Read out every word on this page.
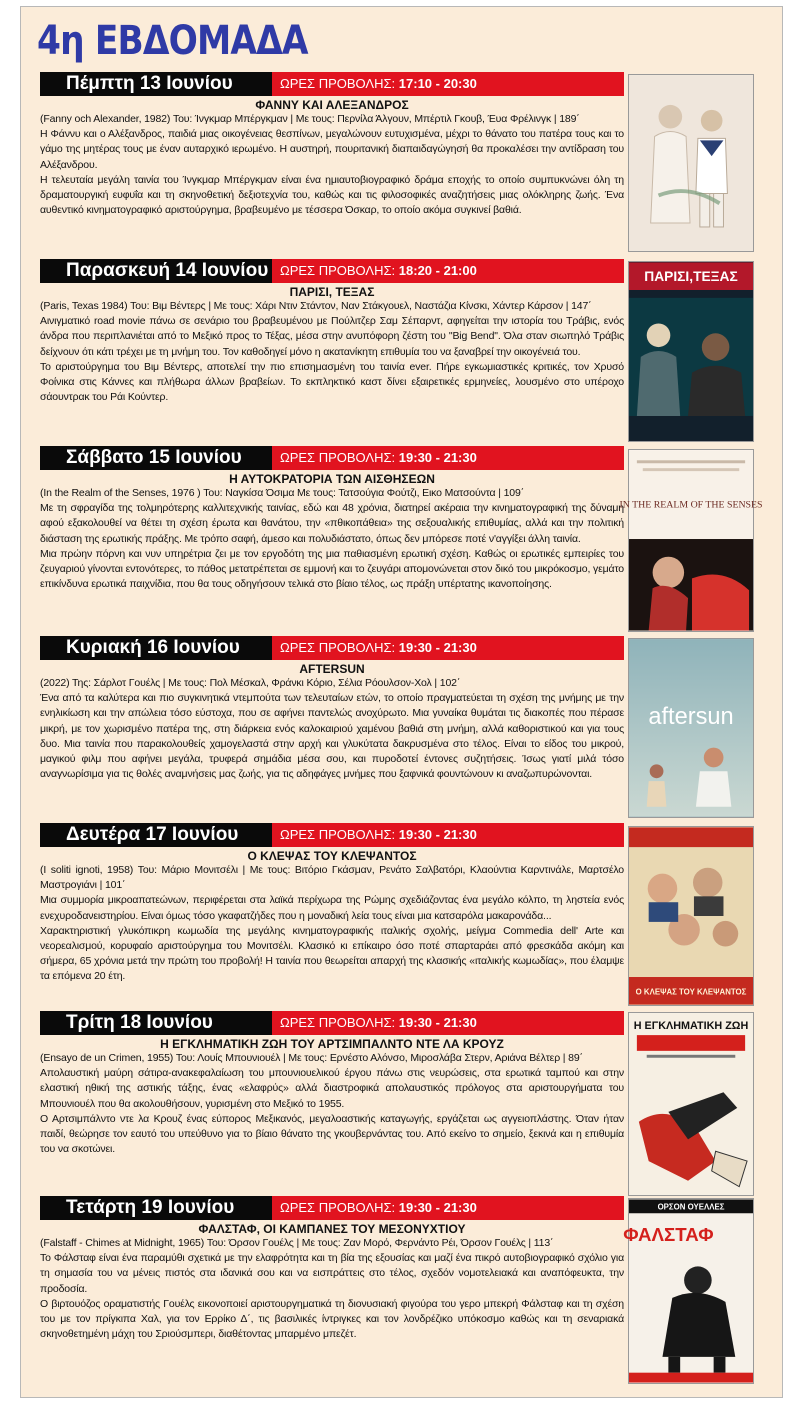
4η ΕΒΔΟΜΑΔΑ
Πέμπτη 13 Ιουνίου	ΩΡΕΣ ΠΡΟΒΟΛΗΣ: 17:10 - 20:30

ΦΑΝΝΥ ΚΑΙ ΑΛΕΞΑΝΔΡΟΣ

(Fanny och Alexander, 1982) Του: Ίνγκμαρ Μπέργκμαν | Με τους: Περνίλα Άλγουν, Μπέρτιλ Γκουβ, Έυα Φρέλινγκ | 189΄

Η Φάννυ και ο Αλέξανδρος, παιδιά μιας οικογένειας θεσπίνων, μεγαλώνουν ευτυχισμένα, μέχρι το θάνατο του πατέρα τους και το γάμο της μητέρας τους με έναν αυταρχικό ιερωμένο. Η αυστηρή, πουριτανική διαπαιδαγώγησή θα προκαλέσει την αντίδραση του Αλέξανδρου.

Η τελευταία μεγάλη ταινία του Ίνγκμαρ Μπέργκμαν είναι ένα ημιαυτοβιογραφικό δράμα εποχής το οποίο συμπυκνώνει όλη τη δραματουργική ευφυΐα και τη σκηνοθετική δεξιοτεχνία του, καθώς και τις φιλοσοφικές αναζητήσεις μιας ολόκληρης ζωής. Ένα αυθεντικό κινηματογραφικό αριστούργημα, βραβευμένο με τέσσερα Όσκαρ, το οποίο ακόμα συγκινεί βαθιά.

Παρασκευή 14 Ιουνίου ΩΡΕΣ ΠΡΟΒΟΛΗΣ: 18:20 - 21:00

ΠΑΡΙΣΙ, ΤΕΞΑΣ

(Paris, Texas 1984) Του: Βιμ Βέντερς | Με τους: Χάρι Ντιν Στάντον, Ναν Στάκγουελ, Ναστάζια Κίνσκι, Χάντερ Κάρσον | 147΄

Αινιγματικό road movie πάνω σε σενάριο του βραβευμένου με Πούλιτζερ Σαμ Σέπαρντ, αφηγείται την ιστορία του Τράβις, ενός άνδρα που περιπλανιέται από το Μεξικό προς το Τέξας, μέσα στην ανυπόφορη ζέστη του "Big Bend". Όλα σταν σιωπηλό Τράβις δείχνουν ότι κάτι τρέχει με τη μνήμη του. Τον καθοδηγεί μόνο η ακατανίκητη επιθυμία του να ξαναβρεί την οικογένειά του.

Το αριστούργημα του Βιμ Βέντερς, αποτελεί την πιο επισημασμένη του ταινία ever. Πήρε εγκωμιαστικές κριτικές, τον Χρυσό Φοίνικα στις Κάννες και πλήθωρα άλλων βραβείων. Το εκπληκτικό καστ δίνει εξαιρετικές ερμηνείες, λουσμένο στο υπέροχο σάουντρακ του Ράι Κούντερ.

Σάββατο 15 Ιουνίου	ΩΡΕΣ ΠΡΟΒΟΛΗΣ: 19:30 - 21:30

Η ΑΥΤΟΚΡΑΤΟΡΙΑ ΤΩΝ ΑΙΣΘΗΣΕΩΝ

(In the Realm of the Senses, 1976 ) Του: Ναγκίσα Όσιμα Με τους: Τατσούγια Φούτζι, Εικο Ματσούντα | 109΄

Με τη σφραγίδα της τολμηρότερης καλλιτεχνικής ταινίας, εδώ και 48 χρόνια, διατηρεί ακέραια την κινηματογραφική της δύναμη αφού εξακολουθεί να θέτει τη σχέση έρωτα και θανάτου, την «πθικοπάθεια» της σεξουαλικής επιθυμίας, αλλά και την πολιτική διάσταση της ερωτικής πράξης. Με τρόπο σαφή, άμεσο και πολυδιάστατο, όπως δεν μπόρεσε ποτέ ν'αγγίξει άλλη ταινία.

Μια πρώην πόρνη και νυν υπηρέτρια ζει με τον εργοδότη της μια παθιασμένη ερωτική σχέση. Καθώς οι ερωτικές εμπειρίες του ζευγαριού γίνονται εντονότερες, το πάθος μετατρέπεται σε εμμονή και το ζευγάρι απομονώνεται στον δικό του μικρόκοσμο, γεμάτο επικίνδυνα ερωτικά παιχνίδια, που θα τους οδηγήσουν τελικά στο βίαιο τέλος, ως πράξη υπέρτατης ικανοποίησης.

Κυριακή 16 Ιουνίου	ΩΡΕΣ ΠΡΟΒΟΛΗΣ: 19:30 - 21:30

AFTERSUN

(2022) Της: Σάρλοτ Γουέλς | Με τους: Πολ Μέσκαλ, Φράνκι Κόριο, Σέλια Ρόουλσον-Χολ | 102΄

Ένα από τα καλύτερα και πιο συγκινητικά ντεμπούτα των τελευταίων ετών, το οποίο πραγματεύεται τη σχέση της μνήμης με την ενηλικίωση και την απώλεια τόσο εύστοχα, που σε αφήνει παντελώς ανοχύρωτο. Μια γυναίκα θυμάται τις διακοπές που πέρασε μικρή, με τον χωρισμένο πατέρα της, στη διάρκεια ενός καλοκαιριού χαμένου βαθιά στη μνήμη, αλλά καθοριστικού και για τους δυο. Μια ταινία που παρακολουθείς χαμογελαστά στην αρχή και γλυκύτατα δακρυσμένα στο τέλος. Είναι το είδος του μικρού, μαγικού φιλμ που αφήνει μεγάλα, τρυφερά σημάδια μέσα σου, και πυροδοτεί έντονες συζητήσεις. Ίσως γιατί μιλά τόσο αναγνωρίσιμα για τις θολές αναμνήσεις μας ζωής, για τις αδηφάγες μνήμες που ξαφνικά φουντώνουν κι αναζωπυρώνονται.

Δευτέρα 17 Ιουνίου	ΩΡΕΣ ΠΡΟΒΟΛΗΣ: 19:30 - 21:30

Ο ΚΛΕΨΑΣ ΤΟΥ ΚΛΕΨΑΝΤΟΣ

(I soliti ignoti, 1958) Του: Μάριο Μονιτσέλι | Με τους: Βιτόριο Γκάσμαν, Ρενάτο Σαλβατόρι, Κλαούντια Καρντινάλε, Μαρτσέλο Μαστρογιάνι | 101΄

Μια συμμορία μικροαπατεώνων, περιφέρεται στα λαϊκά περίχωρα της Ρώμης σχεδιάζοντας ένα μεγάλο κόλπο, τη ληστεία ενός ενεχυροδανειστηρίου. Είναι όμως τόσο γκαφατζήδες που η μοναδική λεία τους είναι μια κατσαρόλα μακαρονάδα...

Χαρακτηριστική γλυκόπικρη κωμωδία της μεγάλης κινηματογραφικής ιταλικής σχολής, μείγμα Commedia dell' Arte και νεορεαλισμού, κορυφαίο αριστούργημα του Μονιτσέλι. Κλασικό κι επίκαιρο όσο ποτέ σπαρταράει από φρεσκάδα ακόμη και σήμερα, 65 χρόνια μετά την πρώτη του προβολή! Η ταινία που θεωρείται απαρχή της κλασικής «ιταλικής κωμωδίας», που έλαμψε τα επόμενα 20 έτη.

Τρίτη 18 Ιουνίου	ΩΡΕΣ ΠΡΟΒΟΛΗΣ: 19:30 - 21:30

Η ΕΓΚΛΗΜΑΤΙΚΗ ΖΩΗ ΤΟΥ ΑΡΤΣΙΜΠΑΛΝΤΟ ΝΤΕ ΛΑ ΚΡΟΥΖ

(Ensayo de un Crimen, 1955) Του: Λουίς Μπουνιουέλ | Με τους: Ερνέστο Αλόνσο, Μιροσλάβα Στερν, Αριάνα Βέλτερ | 89΄

Απολαυστική μαύρη σάτιρα-ανακεφαλαίωση του μπουνιουελικού έργου πάνω στις νευρώσεις, στα ερωτικά ταμπού και στην ελαστική ηθική της αστικής τάξης, ένας «ελαφρύς» αλλά διαστροφικά απολαυστικός πρόλογος στα αριστουργήματα του Μπουνιουέλ που θα ακολουθήσουν, γυρισμένη στο Μεξικό το 1955.

Ο Αρτσιμπάλντο ντε λα Κρουζ ένας εύπορος Μεξικανός, μεγαλοαστικής καταγωγής, εργάζεται ως αγγειοπλάστης. Όταν ήταν παιδί, θεώρησε τον εαυτό του υπεύθυνο για το βίαιο θάνατο της γκουβερνάντας του. Από εκείνο το σημείο, ξεκινά και η επιθυμία του να σκοτώνει.

Τετάρτη 19 Ιουνίου	ΩΡΕΣ ΠΡΟΒΟΛΗΣ: 19:30 - 21:30

ΦΑΛΣΤΑΦ, ΟΙ ΚΑΜΠΑΝΕΣ ΤΟΥ ΜΕΣΟΝΥΧΤΙΟΥ

(Falstaff - Chimes at Midnight, 1965) Του: Όρσον Γουέλς | Με τους: Ζαν Μορό, Φερνάντο Ρέι, Όρσον Γουέλς | 113΄

Το Φάλσταφ είναι ένα παραμύθι σχετικά με την ελαφρότητα και τη βία της εξουσίας και μαζί ένα πικρό αυτοβιογραφικό σχόλιο για τη σημασία του να μένεις πιστός στα ιδανικά σου και να εισπράττεις στο τέλος, σχεδόν νομοτελειακά και αναπόφευκτα, την προδοσία.

Ο βιρτουόζος οραματιστής Γουέλς εικονοποιεί αριστουργηματικά τη διονυσιακή φιγούρα του γερο μπεκρή Φάλσταφ και τη σχέση του με τον πρίγκιπα Χαλ, για τον Ερρίκο Δ΄, τις βασιλικές ίντριγκες και τον λονδρέζικο υπόκοσμο καθώς και τη σεναριακά σκηνοθετημένη μάχη του Σριούσμπερι, διαθέτοντας μπαρμένο μπεζέτ.

ΠΑΡΙΣΙ,ΤΕΞΑΣ
IN THE REALM OF THE SENSES
aftersun
Ο ΚΛΕΨΑΣ ΤΟΥ ΚΛΕΨΑΝΤΟΣ
Η ΕΓΚΛΗΜΑΤΙΚΗ ΖΩΗ
ΟΡΣΟΝ ΟΥΕΛΛΕΣ
ΦΑΛΣΤΑΦ
